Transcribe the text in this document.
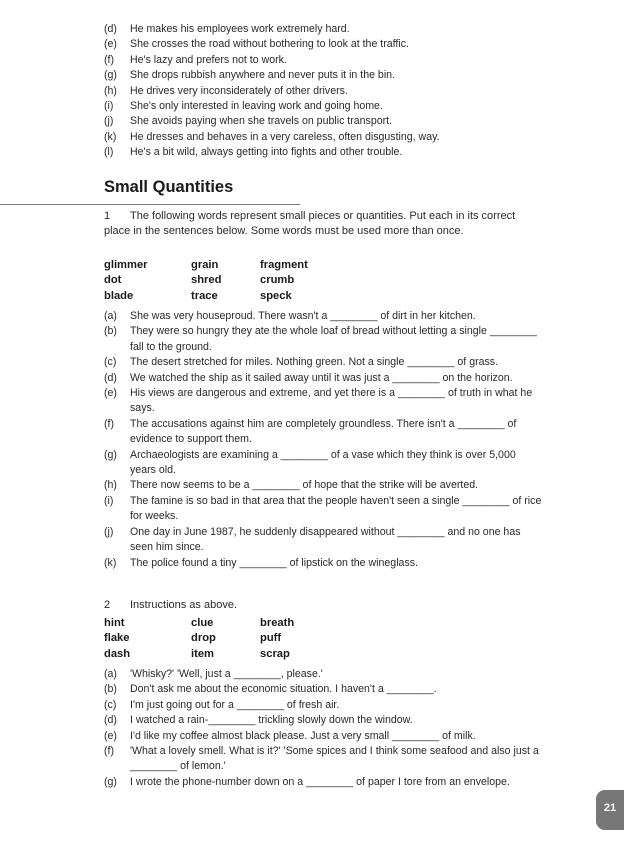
(d) He makes his employees work extremely hard.
(e) She crosses the road without bothering to look at the traffic.
(f) He's lazy and prefers not to work.
(g) She drops rubbish anywhere and never puts it in the bin.
(h) He drives very inconsiderately of other drivers.
(i) She's only interested in leaving work and going home.
(j) She avoids paying when she travels on public transport.
(k) He dresses and behaves in a very careless, often disgusting, way.
(l) He's a bit wild, always getting into fights and other trouble.
Small Quantities

1 The following words represent small pieces or quantities. Put each in its correct place in the sentences below. Some words must be used more than once.

glimmer	grain	fragment
dot	shred	crumb
blade	trace	speck
(a) She was very houseproud. There wasn't a ________ of dirt in her kitchen.
(b) They were so hungry they ate the whole loaf of bread without letting a single ________ fall to the ground.
(c) The desert stretched for miles. Nothing green. Not a single ________ of grass.
(d) We watched the ship as it sailed away until it was just a ________ on the horizon.
(e) His views are dangerous and extreme, and yet there is a ________ of truth in what he says.
(f) The accusations against him are completely groundless. There isn't a ________ of evidence to support them.
(g) Archaeologists are examining a ________ of a vase which they think is over 5,000 years old.
(h) There now seems to be a ________ of hope that the strike will be averted.
(i) The famine is so bad in that area that the people haven't seen a single ________ of rice for weeks.
(j) One day in June 1987, he suddenly disappeared without ________ and no one has seen him since.
(k) The police found a tiny ________ of lipstick on the wineglass.

2 Instructions as above.

hint	clue	breath
flake	drop	puff
dash	item	scrap
(a) 'Whisky?' 'Well, just a ________, please.'
(b) Don't ask me about the economic situation. I haven't a ________.
(c) I'm just going out for a ________ of fresh air.
(d) I watched a rain-________ trickling slowly down the window.
(e) I'd like my coffee almost black please. Just a very small ________ of milk.
(f) 'What a lovely smell. What is it?' 'Some spices and I think some seafood and also just a ________ of lemon.'
(g) I wrote the phone-number down on a ________ of paper I tore from an envelope.
21
